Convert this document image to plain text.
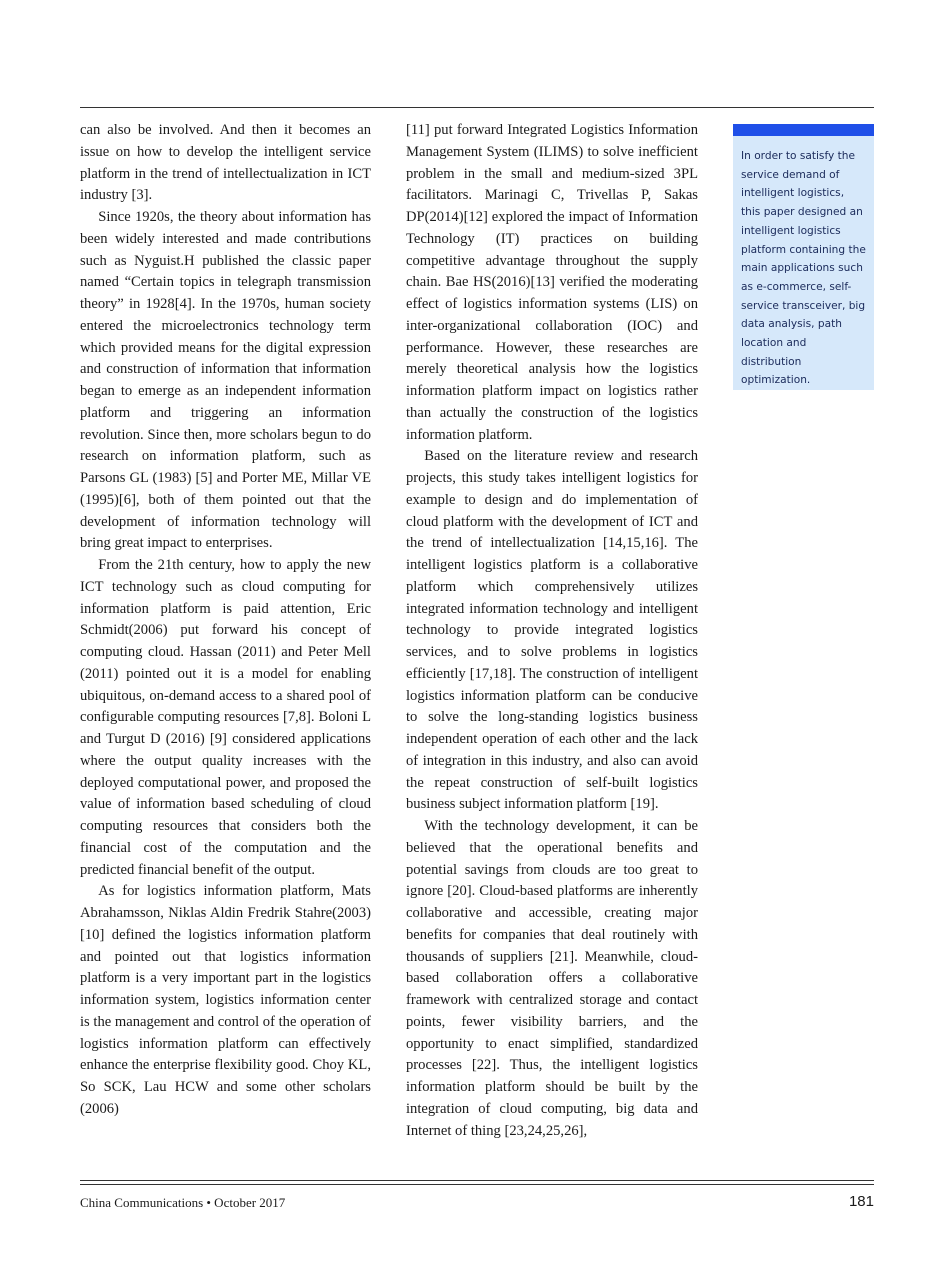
can also be involved. And then it becomes an issue on how to develop the intelligent service platform in the trend of intellectualization in ICT industry [3].

Since 1920s, the theory about information has been widely interested and made contributions such as Nyguist.H published the classic paper named “Certain topics in telegraph transmission theory” in 1928[4]. In the 1970s, human society entered the microelectronics technology term which provided means for the digital expression and construction of information that information began to emerge as an independent information platform and triggering an information revolution. Since then, more scholars begun to do research on information platform, such as Parsons GL (1983) [5] and Porter ME, Millar VE (1995)[6], both of them pointed out that the development of information technology will bring great impact to enterprises.

From the 21th century, how to apply the new ICT technology such as cloud computing for information platform is paid attention, Eric Schmidt(2006) put forward his concept of computing cloud. Hassan (2011) and Peter Mell (2011) pointed out it is a model for enabling ubiquitous, on-demand access to a shared pool of configurable computing resources [7,8]. Boloni L and Turgut D (2016) [9] considered applications where the output quality increases with the deployed computational power, and proposed the value of information based scheduling of cloud computing resources that considers both the financial cost of the computation and the predicted financial benefit of the output.

As for logistics information platform, Mats Abrahamsson, Niklas Aldin Fredrik Stahre(2003)[10] defined the logistics information platform and pointed out that logistics information platform is a very important part in the logistics information system, logistics information center is the management and control of the operation of logistics information platform can effectively enhance the enterprise flexibility good. Choy KL, So SCK, Lau HCW and some other scholars (2006)

[11] put forward Integrated Logistics Information Management System (ILIMS) to solve inefficient problem in the small and medium-sized 3PL facilitators. Marinagi C, Trivellas P, Sakas DP(2014)[12] explored the impact of Information Technology (IT) practices on building competitive advantage throughout the supply chain. Bae HS(2016)[13] verified the moderating effect of logistics information systems (LIS) on inter-organizational collaboration (IOC) and performance. However, these researches are merely theoretical analysis how the logistics information platform impact on logistics rather than actually the construction of the logistics information platform.

Based on the literature review and research projects, this study takes intelligent logistics for example to design and do implementation of cloud platform with the development of ICT and the trend of intellectualization [14,15,16]. The intelligent logistics platform is a collaborative platform which comprehensively utilizes integrated information technology and intelligent technology to provide integrated logistics services, and to solve problems in logistics efficiently [17,18]. The construction of intelligent logistics information platform can be conducive to solve the long-standing logistics business independent operation of each other and the lack of integration in this industry, and also can avoid the repeat construction of self-built logistics business subject information platform [19].

With the technology development, it can be believed that the operational benefits and potential savings from clouds are too great to ignore [20]. Cloud-based platforms are inherently collaborative and accessible, creating major benefits for companies that deal routinely with thousands of suppliers [21]. Meanwhile, cloud-based collaboration offers a collaborative framework with centralized storage and contact points, fewer visibility barriers, and the opportunity to enact simplified, standardized processes [22]. Thus, the intelligent logistics information platform should be built by the integration of cloud computing, big data and Internet of thing [23,24,25,26],

In order to satisfy the service demand of intelligent logistics, this paper designed an intelligent logistics platform containing the main applications such as e-commerce, self-service transceiver, big data analysis, path location and distribution optimization.
China Communications • October 2017	181
